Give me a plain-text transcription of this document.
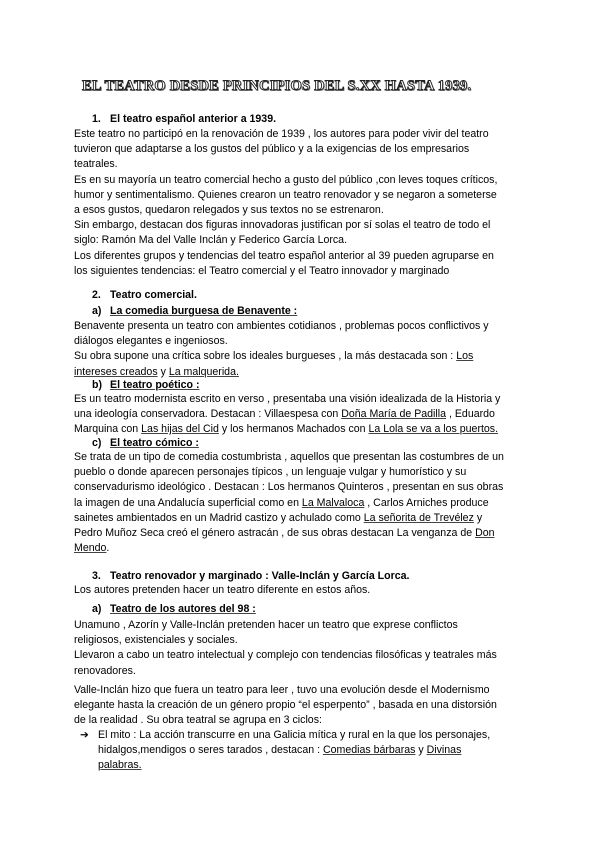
EL TEATRO DESDE PRINCIPIOS DEL S.XX HASTA 1939.
1. El teatro español anterior a 1939.
Este teatro no participó en la renovación de 1939 , los autores para poder vivir del teatro
tuvieron que adaptarse a los gustos del público y a la exigencias de los empresarios
teatrales.
Es en su mayoría un teatro comercial hecho a gusto del público ,con leves toques críticos,
humor y sentimentalismo. Quienes crearon un teatro renovador y se negaron a someterse
a esos gustos, quedaron relegados y sus textos no se estrenaron.
Sin embargo, destacan dos figuras innovadoras justifican por sí solas el teatro de todo el
siglo: Ramón Ma del Valle Inclán y Federico García Lorca.
Los diferentes grupos y tendencias del teatro español anterior al 39 pueden agruparse en
los siguientes tendencias: el Teatro comercial y el Teatro innovador y marginado
2. Teatro comercial.
a) La comedia burguesa de Benavente :
Benavente presenta un teatro con ambientes cotidianos , problemas pocos conflictivos y
diálogos elegantes e ingeniosos.
Su obra supone una crítica sobre los ideales burgueses , la más destacada son : Los
intereses creados y La malquerida.
b) El teatro poético :
Es un teatro modernista escrito en verso , presentaba una visión idealizada de la Historia y
una ideología conservadora. Destacan : Villaespesa con Doña María de Padilla , Eduardo
Marquina con Las hijas del Cid y los hermanos Machados con La Lola se va a los puertos.
c) El teatro cómico :
Se trata de un tipo de comedia costumbrista , aquellos que presentan las costumbres de un
pueblo o donde aparecen personajes típicos , un lenguaje vulgar y humorístico y su
conservadurismo ideológico . Destacan : Los hermanos Quinteros , presentan en sus obras
la imagen de una Andalucía superficial como en La Malvaloca , Carlos Arniches produce
sainetes ambientados en un Madrid castizo y achulado como La señorita de Trevélez y
Pedro Muñoz Seca creó el género astracán , de sus obras destacan La venganza de Don
Mendo.
3. Teatro renovador y marginado : Valle-Inclán y García Lorca.
Los autores pretenden hacer un teatro diferente en estos años.
a) Teatro de los autores del 98 :
Unamuno , Azorín y Valle-Inclán pretenden hacer un teatro que exprese conflictos
religiosos, existenciales y sociales.
Llevaron a cabo un teatro intelectual y complejo con tendencias filosóficas y teatrales más
renovadores.
Valle-Inclán hizo que fuera un teatro para leer , tuvo una evolución desde el Modernismo
elegante hasta la creación de un género propio “el esperpento” , basada en una distorsión
de la realidad . Su obra teatral se agrupa en 3 ciclos:
➔ El mito : La acción transcurre en una Galicia mítica y rural en la que los personajes,
hidalgos,mendigos o seres tarados , destacan : Comedias bárbaras y Divinas
palabras.
